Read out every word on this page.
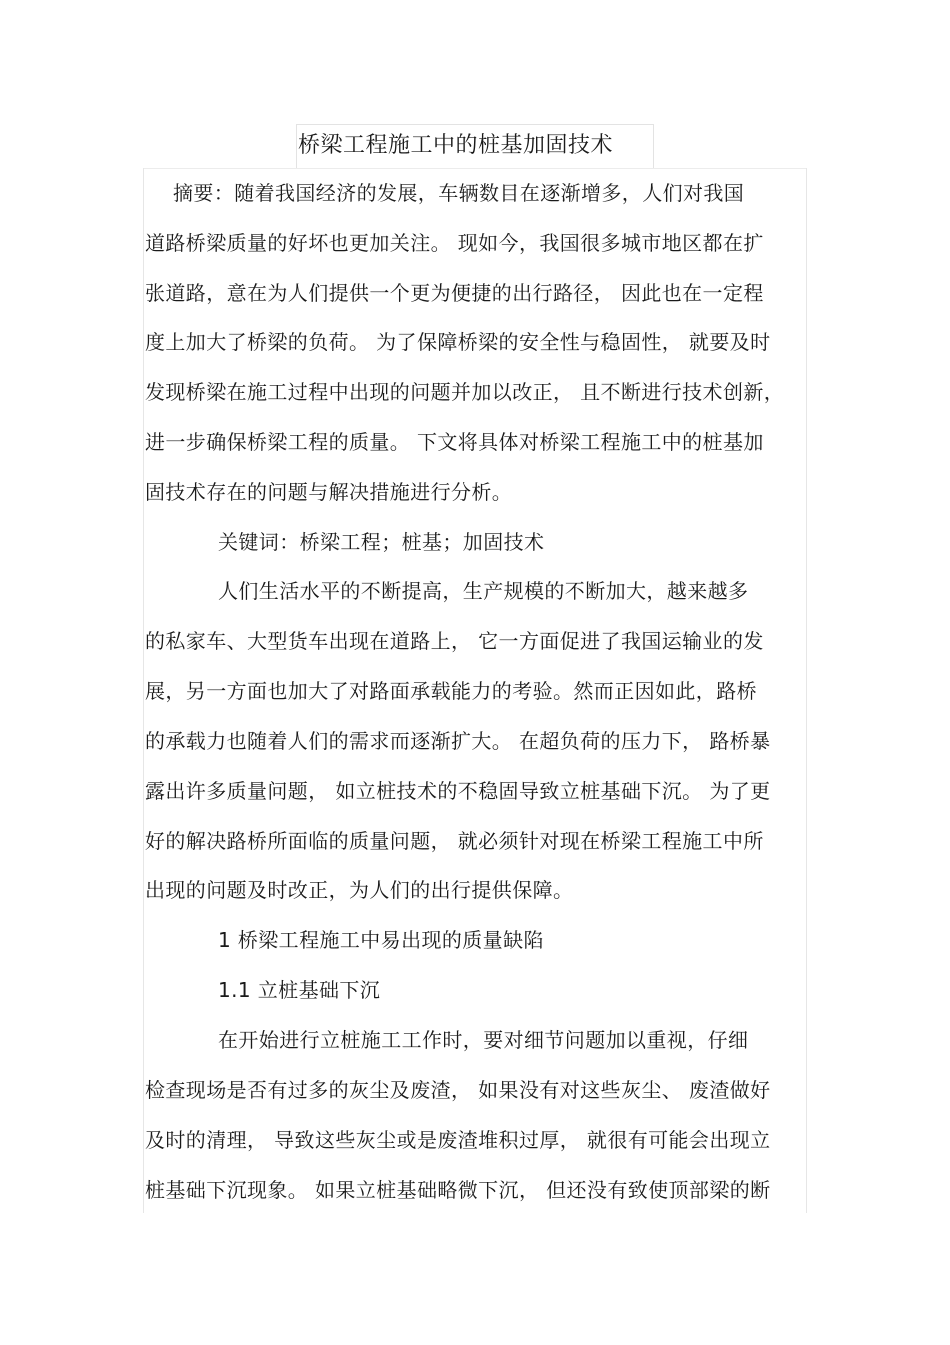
桥梁工程施工中的桩基加固技术
摘要：随着我国经济的发展，车辆数目在逐渐增多，人们对我国
道路桥梁质量的好坏也更加关注。 现如今，我国很多城市地区都在扩
张道路，意在为人们提供一个更为便捷的出行路径， 因此也在一定程
度上加大了桥梁的负荷。 为了保障桥梁的安全性与稳固性， 就要及时
发现桥梁在施工过程中出现的问题并加以改正， 且不断进行技术创新，
进一步确保桥梁工程的质量。 下文将具体对桥梁工程施工中的桩基加
固技术存在的问题与解决措施进行分析。
关键词：桥梁工程；桩基；加固技术
人们生活水平的不断提高，生产规模的不断加大，越来越多
的私家车、大型货车出现在道路上， 它一方面促进了我国运输业的发
展，另一方面也加大了对路面承载能力的考验。然而正因如此，路桥
的承载力也随着人们的需求而逐渐扩大。 在超负荷的压力下， 路桥暴
露出许多质量问题， 如立桩技术的不稳固导致立桩基础下沉。 为了更
好的解决路桥所面临的质量问题， 就必须针对现在桥梁工程施工中所
出现的问题及时改正，为人们的出行提供保障。
1 桥梁工程施工中易出现的质量缺陷
1.1 立桩基础下沉
在开始进行立桩施工工作时，要对细节问题加以重视，仔细
检查现场是否有过多的灰尘及废渣， 如果没有对这些灰尘、 废渣做好
及时的清理， 导致这些灰尘或是废渣堆积过厚， 就很有可能会出现立
桩基础下沉现象。 如果立桩基础略微下沉， 但还没有致使顶部梁的断
